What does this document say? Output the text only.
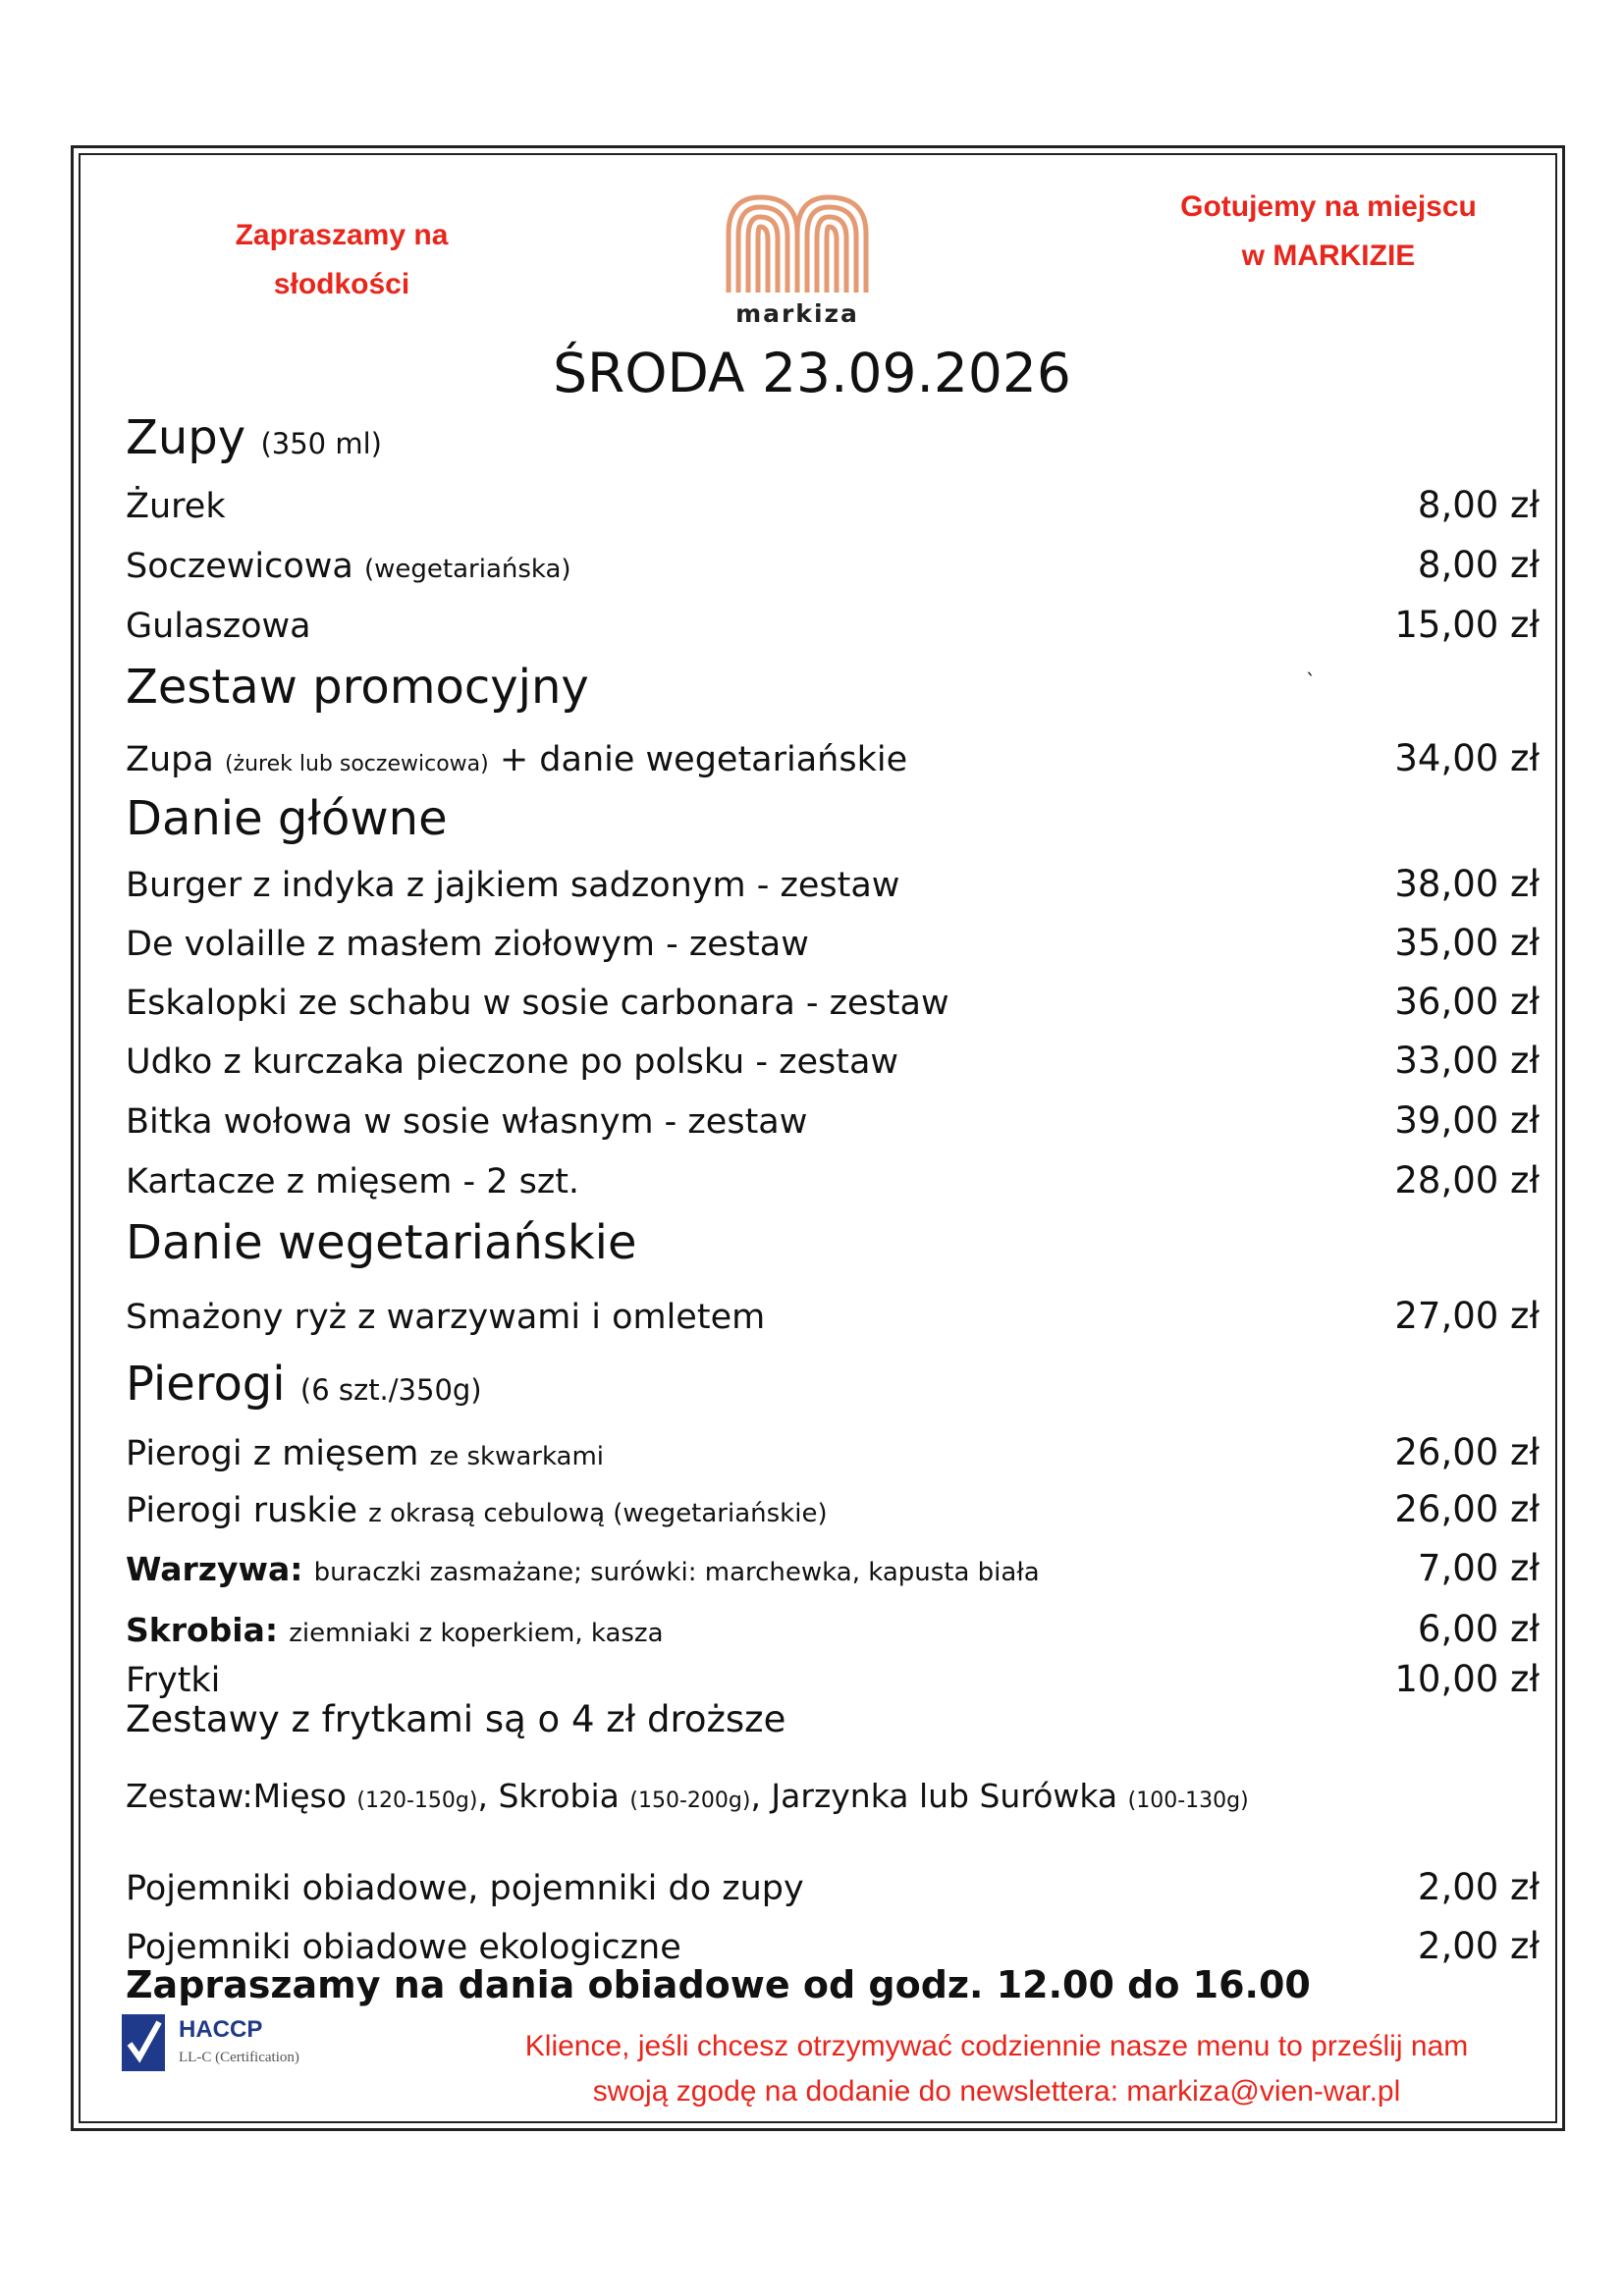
Zapraszamy na
słodkości
markiza
Gotujemy na miejscu
w MARKIZIE
ŚRODA 23.09.2026
Zupy (350 ml)
Żurek	8,00 zł
Soczewicowa (wegetariańska)	8,00 zł
Gulaszowa	15,00 zł
Zestaw promocyjny	`
Zupa (żurek lub soczewicowa) + danie wegetariańskie	34,00 zł
Danie główne
Burger z indyka z jajkiem sadzonym - zestaw	38,00 zł
De volaille z masłem ziołowym - zestaw	35,00 zł
Eskalopki ze schabu w sosie carbonara - zestaw	36,00 zł
Udko z kurczaka pieczone po polsku - zestaw	33,00 zł
Bitka wołowa w sosie własnym - zestaw	39,00 zł
Kartacze z mięsem - 2 szt.	28,00 zł
Danie wegetariańskie
Smażony ryż z warzywami i omletem	27,00 zł
Pierogi (6 szt./350g)
Pierogi z mięsem ze skwarkami	26,00 zł
Pierogi ruskie z okrasą cebulową (wegetariańskie)	26,00 zł
Warzywa: buraczki zasmażane; surówki: marchewka, kapusta biała	7,00 zł
Skrobia: ziemniaki z koperkiem, kasza	6,00 zł
Frytki	10,00 zł
Zestawy z frytkami są o 4 zł droższe
Zestaw:Mięso (120-150g), Skrobia (150-200g), Jarzynka lub Surówka (100-130g)
Pojemniki obiadowe, pojemniki do zupy	2,00 zł
Pojemniki obiadowe ekologiczne	2,00 zł
Zapraszamy na dania obiadowe od godz. 12.00 do 16.00
HACCP
LL-C (Certification)	Klience, jeśli chcesz otrzymywać codziennie nasze menu to prześlij nam
swoją zgodę na dodanie do newslettera: markiza@vien-war.pl
